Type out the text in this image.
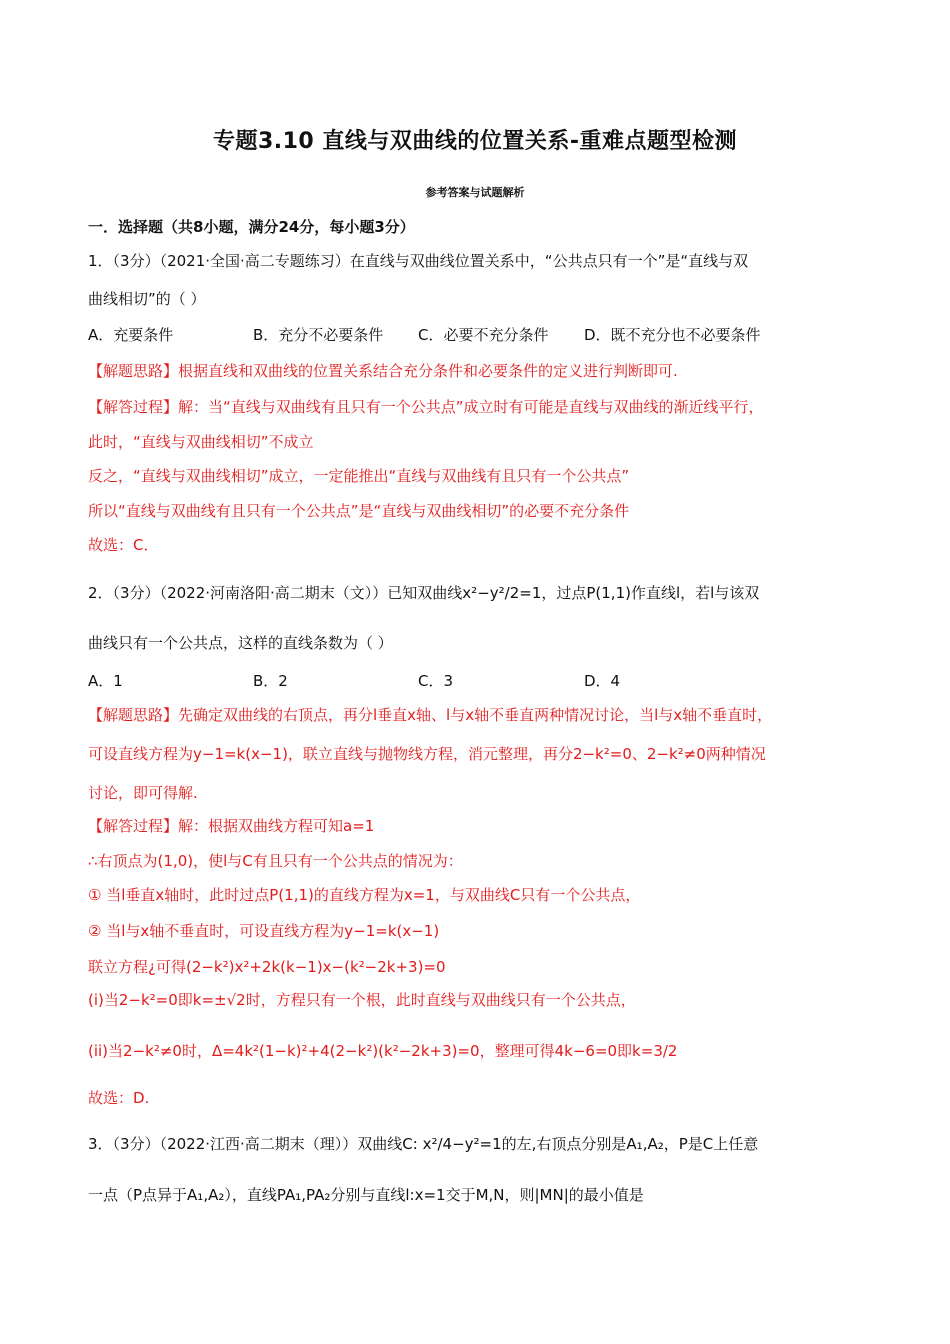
专题3.10 直线与双曲线的位置关系-重难点题型检测
参考答案与试题解析
一．选择题（共8小题，满分24分，每小题3分）
1．（3分）（2021·全国·高二专题练习）在直线与双曲线位置关系中，“公共点只有一个”是“直线与双
曲线相切”的（ ）
A．充要条件	B．充分不必要条件 C．必要不充分条件 D．既不充分也不必要条件
【解题思路】根据直线和双曲线的位置关系结合充分条件和必要条件的定义进行判断即可.
【解答过程】解：当“直线与双曲线有且只有一个公共点”成立时有可能是直线与双曲线的渐近线平行，
此时，“直线与双曲线相切”不成立
反之，“直线与双曲线相切”成立，一定能推出“直线与双曲线有且只有一个公共点”
所以“直线与双曲线有且只有一个公共点”是“直线与双曲线相切”的必要不充分条件
故选：C．
2．（3分）（2022·河南洛阳·高二期末（文））已知双曲线x²−y²/2=1，过点P(1,1)作直线l，若l与该双
曲线只有一个公共点，这样的直线条数为（ ）
A．1	B．2	C．3	D．4
【解题思路】先确定双曲线的右顶点，再分l垂直x轴、l与x轴不垂直两种情况讨论，当l与x轴不垂直时，
可设直线方程为y−1=k(x−1)，联立直线与抛物线方程，消元整理，再分2−k²=0、2−k²≠0两种情况
讨论，即可得解.
【解答过程】解：根据双曲线方程可知a=1
∴右顶点为(1,0)，使l与C有且只有一个公共点的情况为：
① 当l垂直x轴时，此时过点P(1,1)的直线方程为x=1，与双曲线C只有一个公共点，
② 当l与x轴不垂直时，可设直线方程为y−1=k(x−1)
联立方程¿可得(2−k²)x²+2k(k−1)x−(k²−2k+3)=0
(i)当2−k²=0即k=±√2时，方程只有一个根，此时直线与双曲线只有一个公共点，
(ii)当2−k²≠0时，Δ=4k²(1−k)²+4(2−k²)(k²−2k+3)=0，整理可得4k−6=0即k=3/2
故选：D.
3．（3分）（2022·江西·高二期末（理））双曲线C: x²/4−y²=1的左,右顶点分别是A₁,A₂，P是C上任意
一点（P点异于A₁,A₂），直线PA₁,PA₂分别与直线l:x=1交于M,N，则|MN|的最小值是
